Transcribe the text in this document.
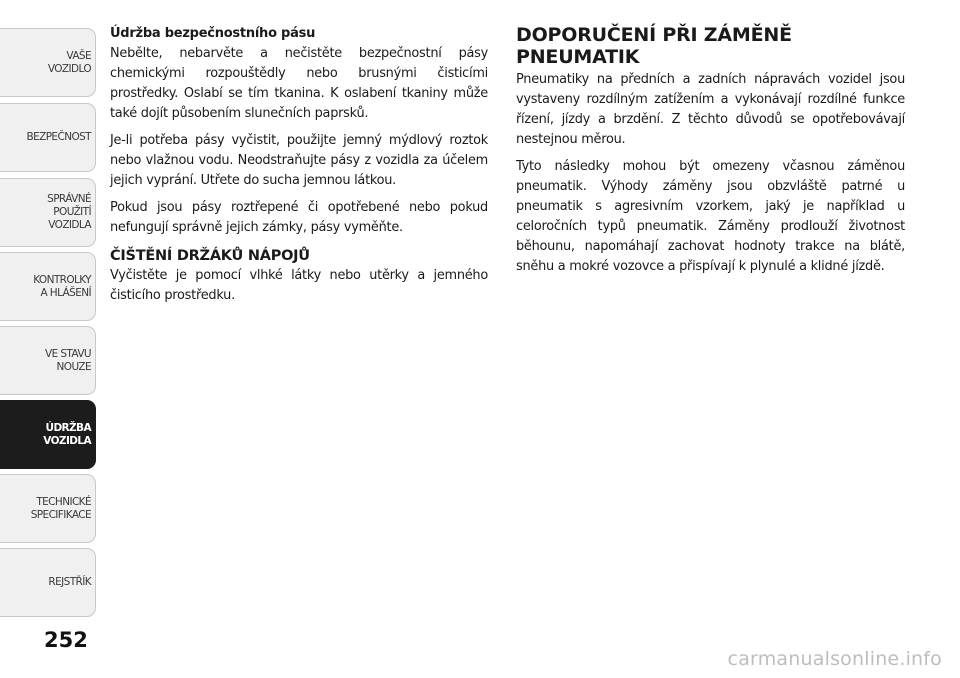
VAŠE
VOZIDLO
BEZPEČNOST
SPRÁVNÉ
POUŽITÍ
VOZIDLA
KONTROLKY
A HLÁŠENÍ
VE STAVU
NOUZE
ÚDRŽBA
VOZIDLA
TECHNICKÉ
SPECIFIKACE
REJSTŘÍK
252
Údržba bezpečnostního pásu

Nebělte, nebarvěte a nečistěte bezpečnostní pásy chemickými rozpouštědly nebo brusnými čisticími prostředky. Oslabí se tím tkanina. K oslabení tkaniny může také dojít působením slunečních paprsků.

Je-li potřeba pásy vyčistit, použijte jemný mýdlový roztok nebo vlažnou vodu. Neodstraňujte pásy z vozidla za účelem jejich vyprání. Utřete do sucha jemnou látkou.

Pokud jsou pásy roztřepené či opotřebené nebo pokud nefungují správně jejich zámky, pásy vyměňte.

ČIŠTĚNÍ DRŽÁKŮ NÁPOJŮ

Vyčistěte je pomocí vlhké látky nebo utěrky a jemného čisticího prostředku.

DOPORUČENÍ PŘI ZÁMĚNĚ PNEUMATIK

Pneumatiky na předních a zadních nápravách vozidel jsou vystaveny rozdílným zatížením a vykonávají rozdílné funkce řízení, jízdy a brzdění. Z těchto důvodů se opotřebovávají nestejnou měrou.

Tyto následky mohou být omezeny včasnou záměnou pneumatik. Výhody záměny jsou obzvláště patrné u pneumatik s agresivním vzorkem, jaký je například u celoročních typů pneumatik. Záměny prodlouží životnost běhounu, napomáhají zachovat hodnoty trakce na blátě, sněhu a mokré vozovce a přispívají k plynulé a klidné jízdě.

carmanualsonline.info
